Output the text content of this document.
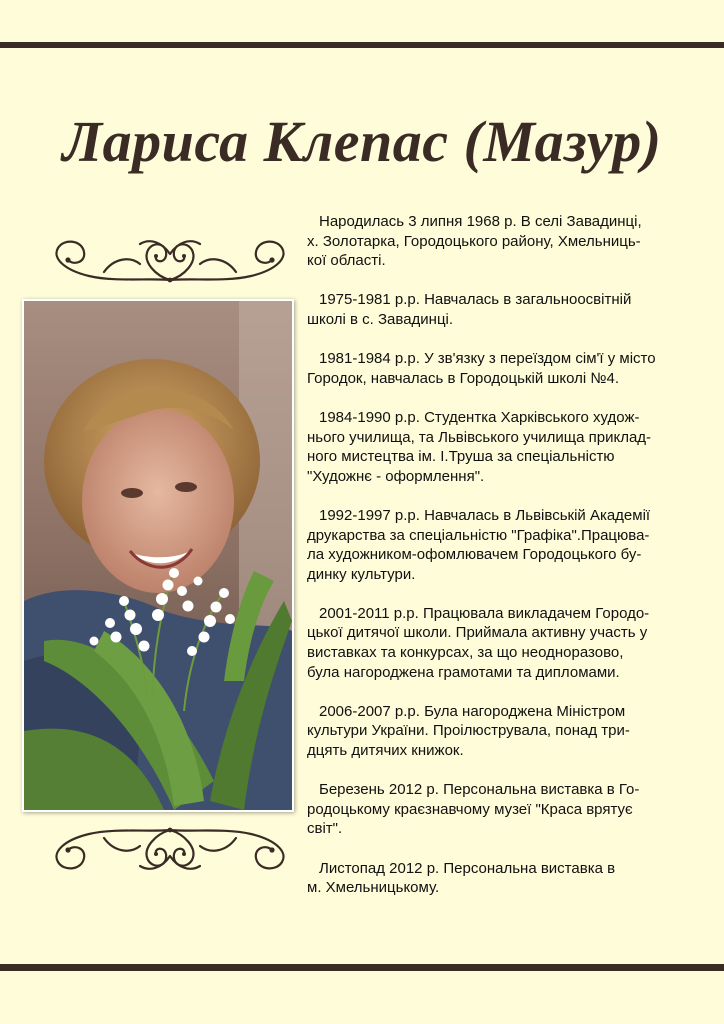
Лариса Клепас (Мазур)

Народилась 3 липня 1968 р. В селі Завадинці,
х. Золотарка, Городоцького району, Хмельниць-
кої області.

1975-1981 р.р. Навчалась в загальноосвітній
школі в с. Завадинці.

1981-1984 р.р. У зв'язку з переїздом сім'ї у місто
Городок, навчалась в Городоцькій школі №4.

1984-1990 р.р. Студентка Харківського худож-
нього училища, та Львівського училища приклад-
ного мистецтва ім. І.Труша за спеціальністю
"Художнє - оформлення".

1992-1997 р.р. Навчалась в Львівській Академії
друкарства за спеціальністю "Графіка".Працюва-
ла художником-офомлювачем Городоцького бу-
динку культури.

2001-2011 р.р. Працювала викладачем Городо-
цької дитячої школи. Приймала активну участь у
виставках та конкурсах, за що неодноразово,
була нагороджена грамотами та дипломами.

2006-2007 р.р. Була нагороджена Міністром
культури України. Проілюструвала, понад три-
дцять дитячих книжок.

Березень 2012 р. Персональна виставка в Го-
родоцькому краєзнавчому музеї "Краса врятує
світ".

Листопад 2012 р. Персональна виставка в
м. Хмельницькому.
